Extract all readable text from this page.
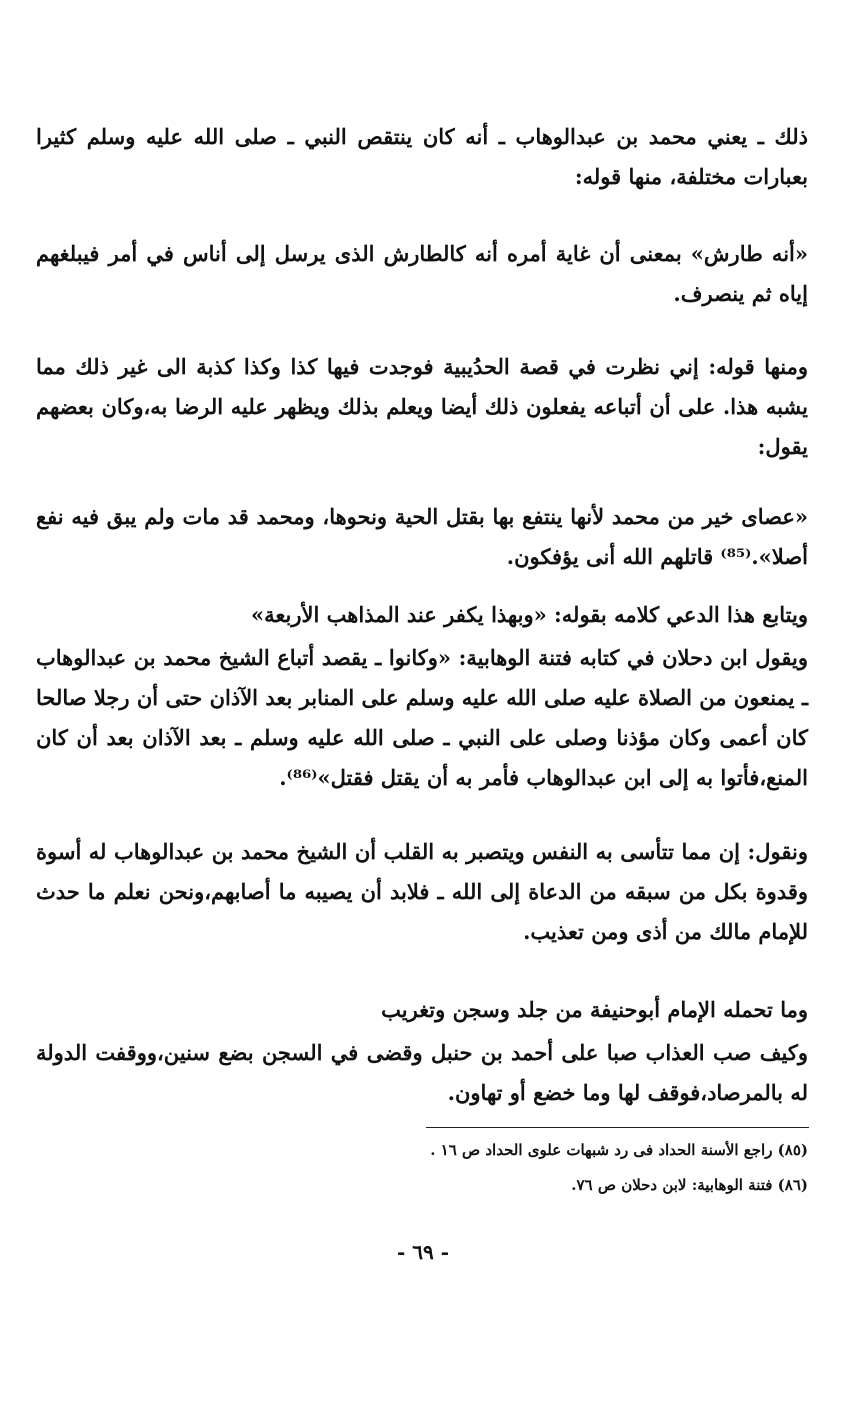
ذلك ـ يعني محمد بن عبدالوهاب ـ أنه كان ينتقص النبي ـ صلى الله عليه وسلم كثيرا بعبارات مختلفة، منها قوله:

«أنه طارش» بمعنى أن غاية أمره أنه كالطارش الذى يرسل إلى أناس في أمر فيبلغهم إياه ثم ينصرف.

ومنها قوله: إني نظرت في قصة الحدُيبية فوجدت فيها كذا وكذا كذبة الى غير ذلك مما يشبه هذا. على أن أتباعه يفعلون ذلك أيضا ويعلم بذلك ويظهر عليه الرضا به،وكان بعضهم يقول:

«عصاى خير من محمد لأنها ينتفع بها بقتل الحية ونحوها، ومحمد قد مات ولم يبق فيه نفع أصلا».⁽⁸⁵⁾ قاتلهم الله أنى يؤفكون.

ويتابع هذا الدعي كلامه بقوله: «وبهذا يكفر عند المذاهب الأربعة»

ويقول ابن دحلان في كتابه فتنة الوهابية: «وكانوا ـ يقصد أتباع الشيخ محمد بن عبدالوهاب ـ يمنعون من الصلاة عليه صلى الله عليه وسلم على المنابر بعد الآذان حتى أن رجلا صالحا كان أعمى وكان مؤذنا وصلى على النبي ـ صلى الله عليه وسلم ـ بعد الآذان بعد أن كان المنع،فأتوا به إلى ابن عبدالوهاب فأمر به أن يقتل فقتل»⁽⁸⁶⁾.

ونقول: إن مما تتأسى به النفس ويتصبر به القلب أن الشيخ محمد بن عبدالوهاب له أسوة وقدوة بكل من سبقه من الدعاة إلى الله ـ فلابد أن يصيبه ما أصابهم،ونحن نعلم ما حدث للإمام مالك من أذى ومن تعذيب.

وما تحمله الإمام أبوحنيفة من جلد وسجن وتغريب

وكيف صب العذاب صبا على أحمد بن حنبل وقضى في السجن بضع سنين،ووقفت الدولة له بالمرصاد،فوقف لها وما خضع أو تهاون.

(٨٥) راجع الأسنة الحداد فى رد شبهات علوى الحداد ص ١٦ .
(٨٦) فتنة الوهابية: لابن دحلان ص ٧٦.
- ٦٩ -
